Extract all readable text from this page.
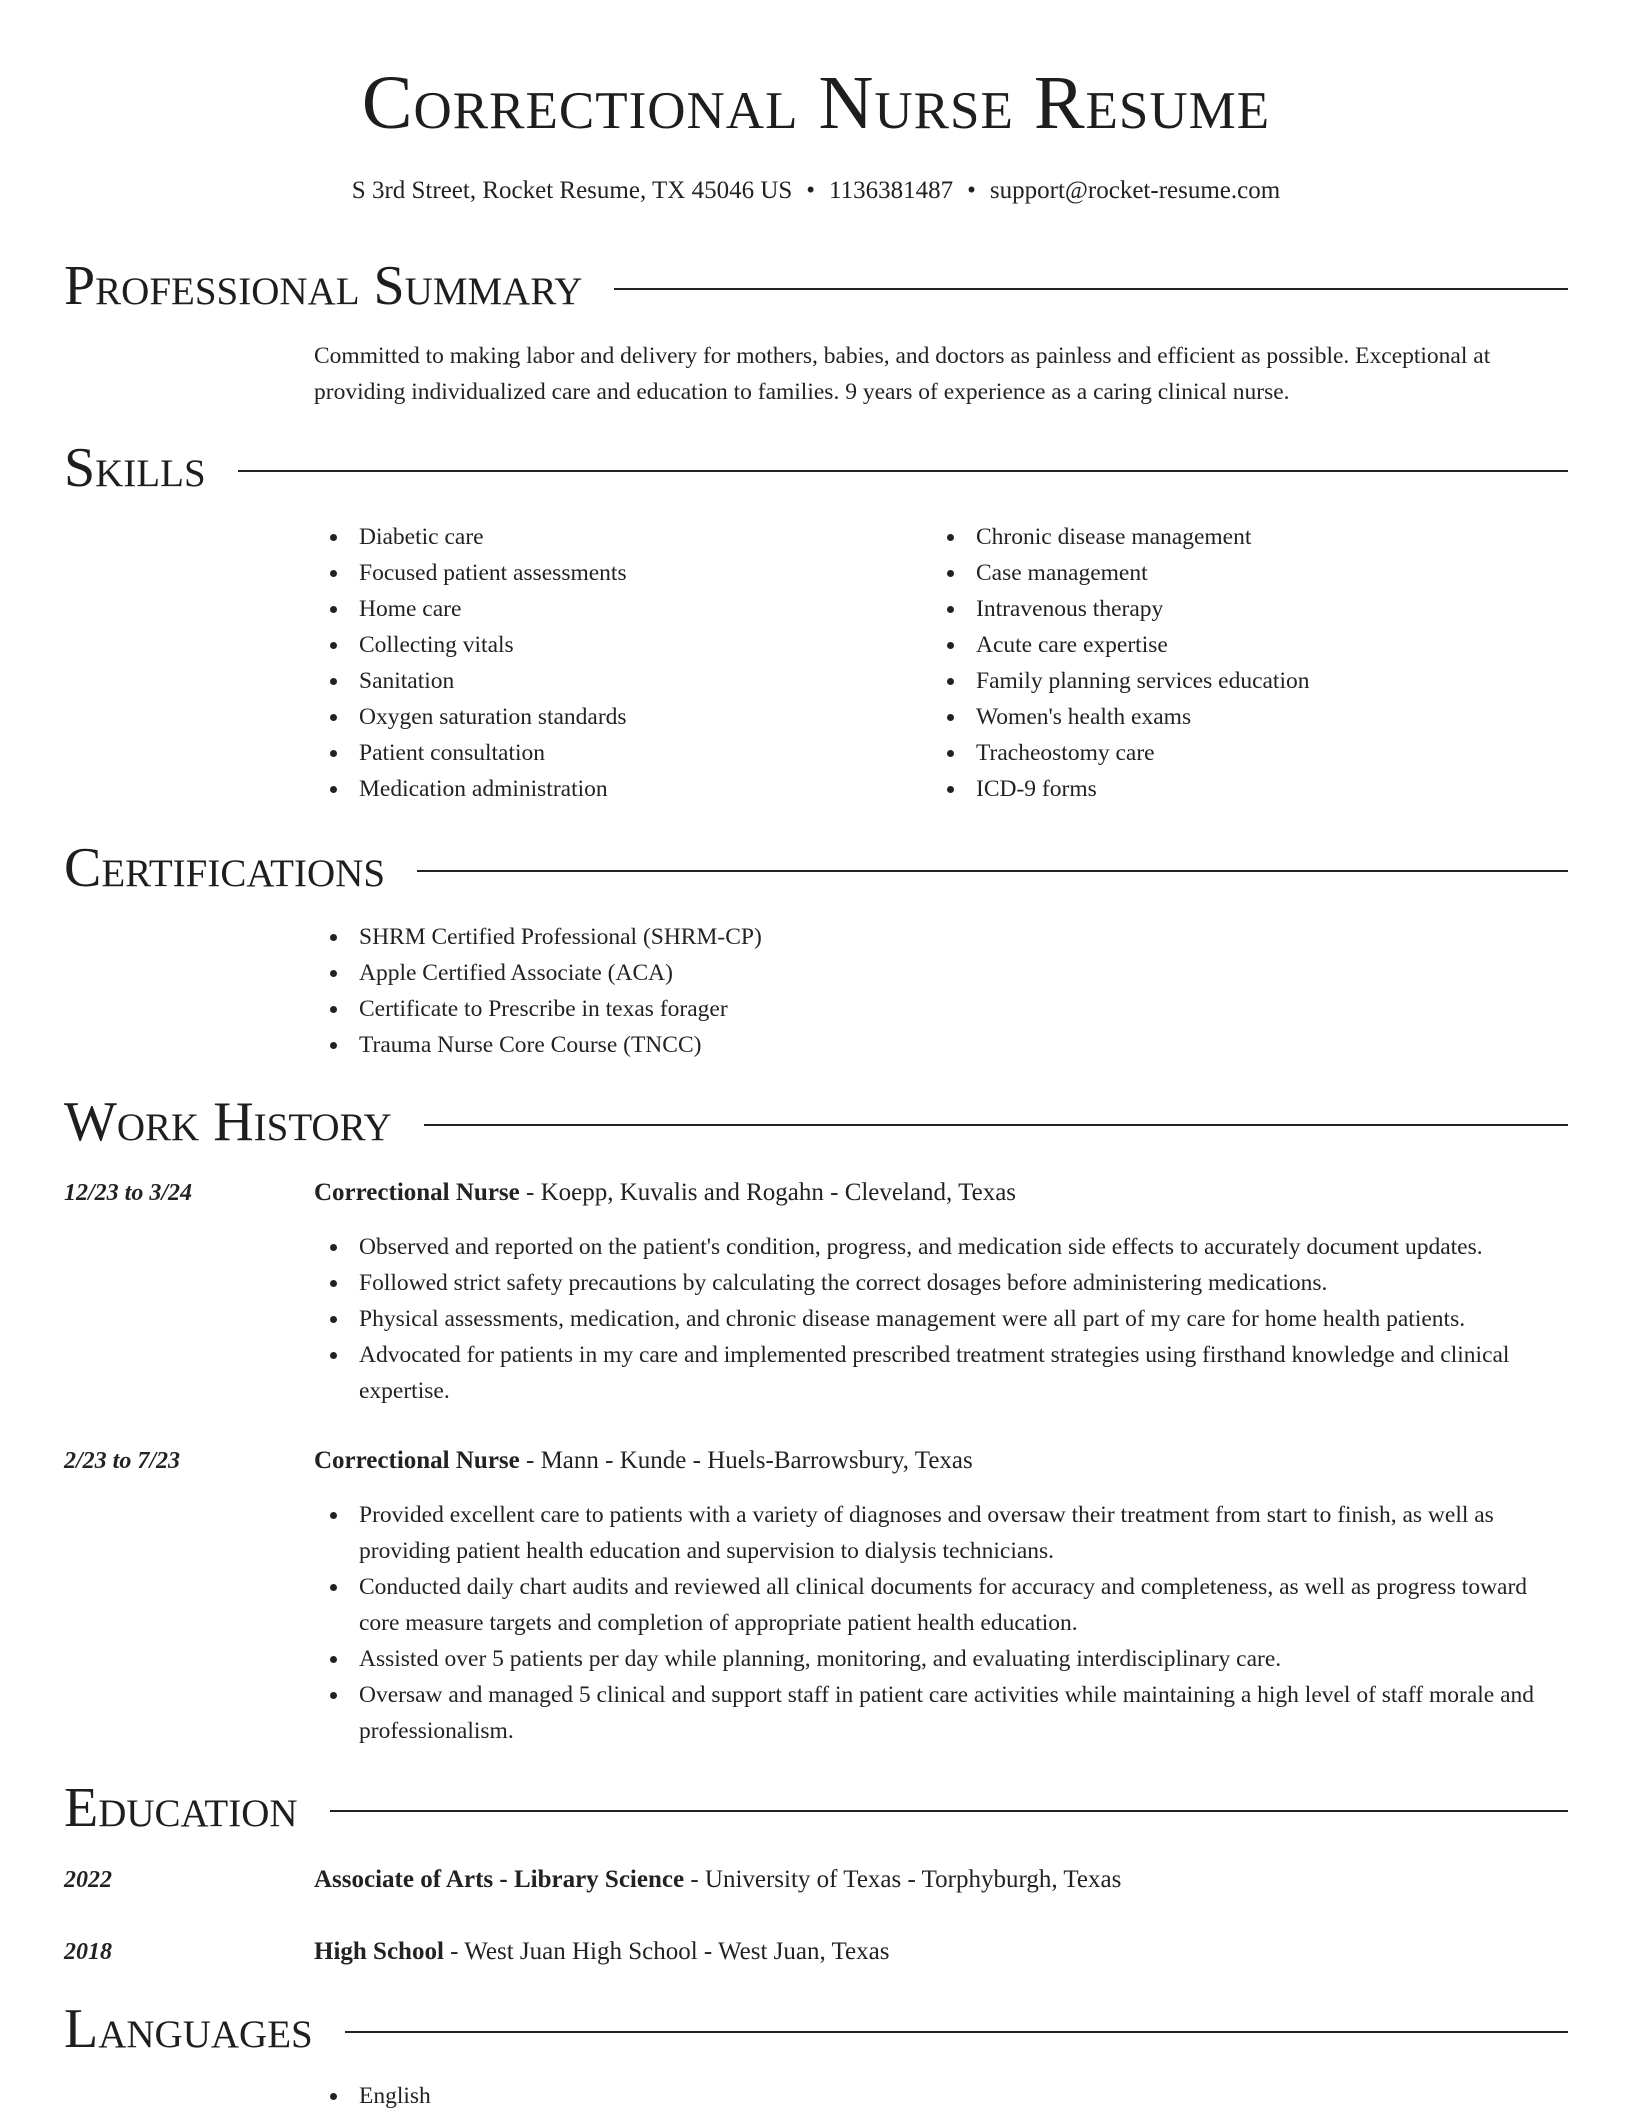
Correctional Nurse Resume
S 3rd Street, Rocket Resume, TX 45046 US • 1136381487 • support@rocket-resume.com
Professional Summary
Committed to making labor and delivery for mothers, babies, and doctors as painless and efficient as possible. Exceptional at providing individualized care and education to families. 9 years of experience as a caring clinical nurse.
Skills
Diabetic care
Focused patient assessments
Home care
Collecting vitals
Sanitation
Oxygen saturation standards
Patient consultation
Medication administration
Chronic disease management
Case management
Intravenous therapy
Acute care expertise
Family planning services education
Women's health exams
Tracheostomy care
ICD-9 forms
Certifications
SHRM Certified Professional (SHRM-CP)
Apple Certified Associate (ACA)
Certificate to Prescribe in texas forager
Trauma Nurse Core Course (TNCC)
Work History
12/23 to 3/24	Correctional Nurse - Koepp, Kuvalis and Rogahn - Cleveland, Texas
Observed and reported on the patient's condition, progress, and medication side effects to accurately document updates.
Followed strict safety precautions by calculating the correct dosages before administering medications.
Physical assessments, medication, and chronic disease management were all part of my care for home health patients.
Advocated for patients in my care and implemented prescribed treatment strategies using firsthand knowledge and clinical expertise.
2/23 to 7/23	Correctional Nurse - Mann - Kunde - Huels-Barrowsbury, Texas
Provided excellent care to patients with a variety of diagnoses and oversaw their treatment from start to finish, as well as providing patient health education and supervision to dialysis technicians.
Conducted daily chart audits and reviewed all clinical documents for accuracy and completeness, as well as progress toward core measure targets and completion of appropriate patient health education.
Assisted over 5 patients per day while planning, monitoring, and evaluating interdisciplinary care.
Oversaw and managed 5 clinical and support staff in patient care activities while maintaining a high level of staff morale and professionalism.
Education
2022	Associate of Arts - Library Science - University of Texas - Torphyburgh, Texas
2018	High School - West Juan High School - West Juan, Texas
Languages
English
